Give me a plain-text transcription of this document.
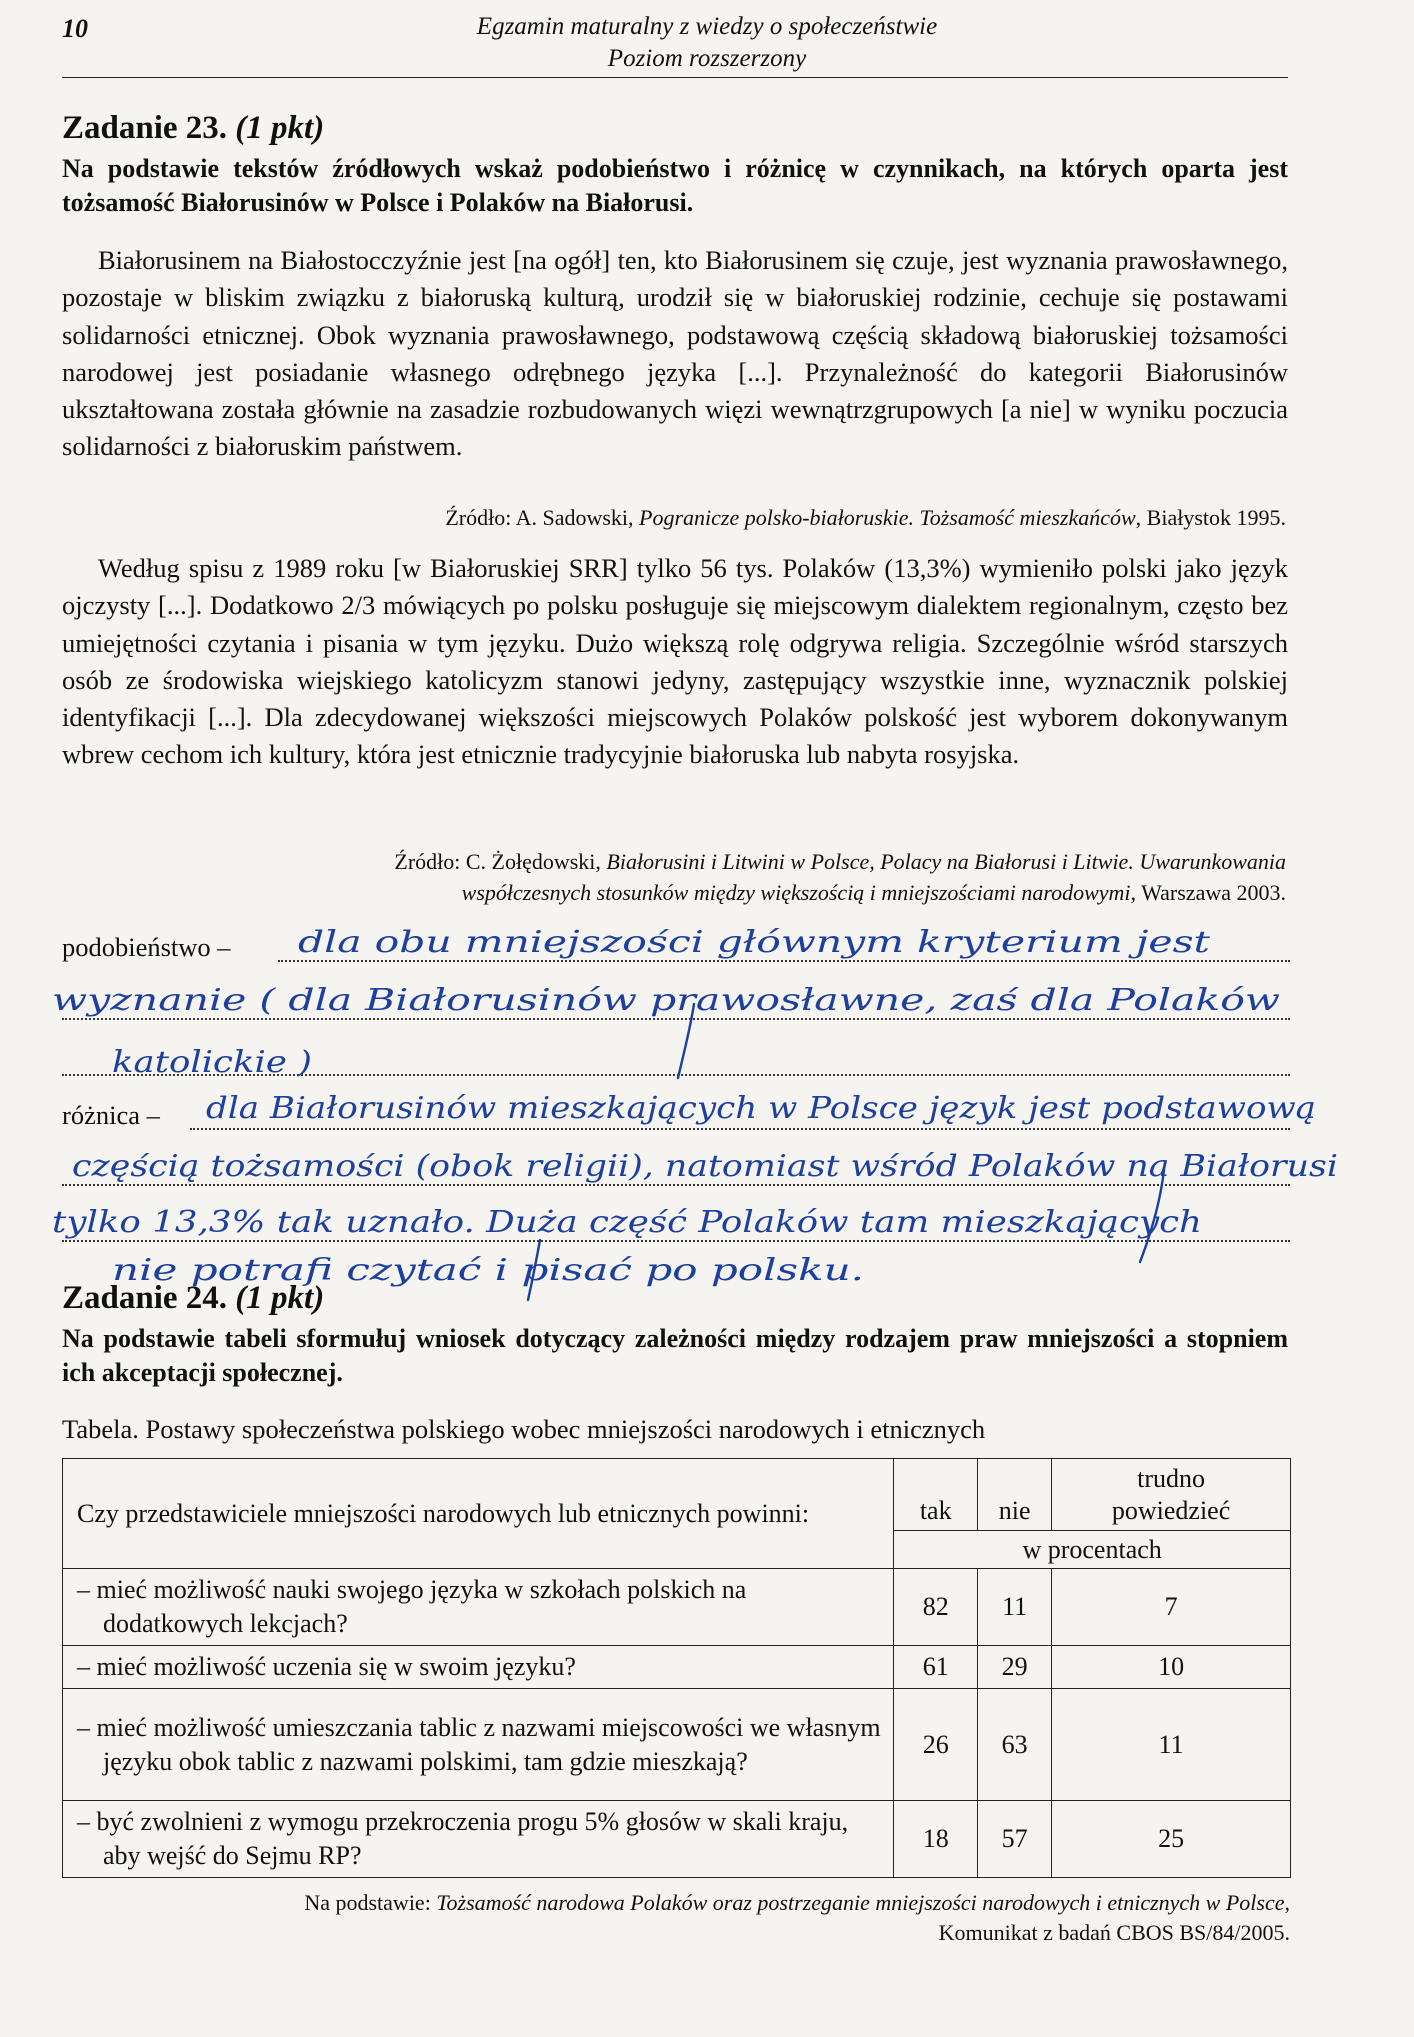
10	Egzamin maturalny z wiedzy o społeczeństwie
Poziom rozszerzony
Zadanie 23. (1 pkt)
Na podstawie tekstów źródłowych wskaż podobieństwo i różnicę w czynnikach, na których oparta jest tożsamość Białorusinów w Polsce i Polaków na Białorusi.

Białorusinem na Białostocczyźnie jest [na ogół] ten, kto Białorusinem się czuje, jest wyznania prawosławnego, pozostaje w bliskim związku z białoruską kulturą, urodził się w białoruskiej rodzinie, cechuje się postawami solidarności etnicznej. Obok wyznania prawosławnego, podstawową częścią składową białoruskiej tożsamości narodowej jest posiadanie własnego odrębnego języka [...]. Przynależność do kategorii Białorusinów ukształtowana została głównie na zasadzie rozbudowanych więzi wewnątrzgrupowych [a nie] w wyniku poczucia solidarności z białoruskim państwem.

Źródło: A. Sadowski, Pogranicze polsko-białoruskie. Tożsamość mieszkańców, Białystok 1995.

Według spisu z 1989 roku [w Białoruskiej SRR] tylko 56 tys. Polaków (13,3%) wymieniło polski jako język ojczysty [...]. Dodatkowo 2/3 mówiących po polsku posługuje się miejscowym dialektem regionalnym, często bez umiejętności czytania i pisania w tym języku. Dużo większą rolę odgrywa religia. Szczególnie wśród starszych osób ze środowiska wiejskiego katolicyzm stanowi jedyny, zastępujący wszystkie inne, wyznacznik polskiej identyfikacji [...]. Dla zdecydowanej większości miejscowych Polaków polskość jest wyborem dokonywanym wbrew cechom ich kultury, która jest etnicznie tradycyjnie białoruska lub nabyta rosyjska.

Źródło: C. Żołędowski, Białorusini i Litwini w Polsce, Polacy na Białorusi i Litwie. Uwarunkowania
współczesnych stosunków między większością i mniejszościami narodowymi, Warszawa 2003.
podobieństwo –
różnica –
dla obu mniejszości głównym kryterium jest
wyznanie ( dla Białorusinów prawosławne, zaś dla Polaków
katolickie )
dla Białorusinów mieszkających w Polsce język jest podstawową
częścią tożsamości (obok religii), natomiast wśród Polaków na Białorusi
tylko 13,3% tak uznało. Duża część Polaków tam mieszkających
nie potrafi czytać i pisać po polsku.
Zadanie 24. (1 pkt)
Na podstawie tabeli sformułuj wniosek dotyczący zależności między rodzajem praw mniejszości a stopniem ich akceptacji społecznej.
Tabela. Postawy społeczeństwa polskiego wobec mniejszości narodowych i etnicznych
Czy przedstawiciele mniejszości narodowych lub etnicznych powinni:	tak	nie	trudno
powiedzieć

	w procentach		

– mieć możliwość nauki swojego języka w szkołach polskich na dodatkowych lekcjach?	82	11	7

– mieć możliwość uczenia się w swoim języku?	61	29	10

– mieć możliwość umieszczania tablic z nazwami miejscowości we własnym języku obok tablic z nazwami polskimi, tam gdzie mieszkają?	26	63	11

– być zwolnieni z wymogu przekroczenia progu 5% głosów w skali kraju, aby wejść do Sejmu RP?	18	57	25
Na podstawie: Tożsamość narodowa Polaków oraz postrzeganie mniejszości narodowych i etnicznych w Polsce,
Komunikat z badań CBOS BS/84/2005.
